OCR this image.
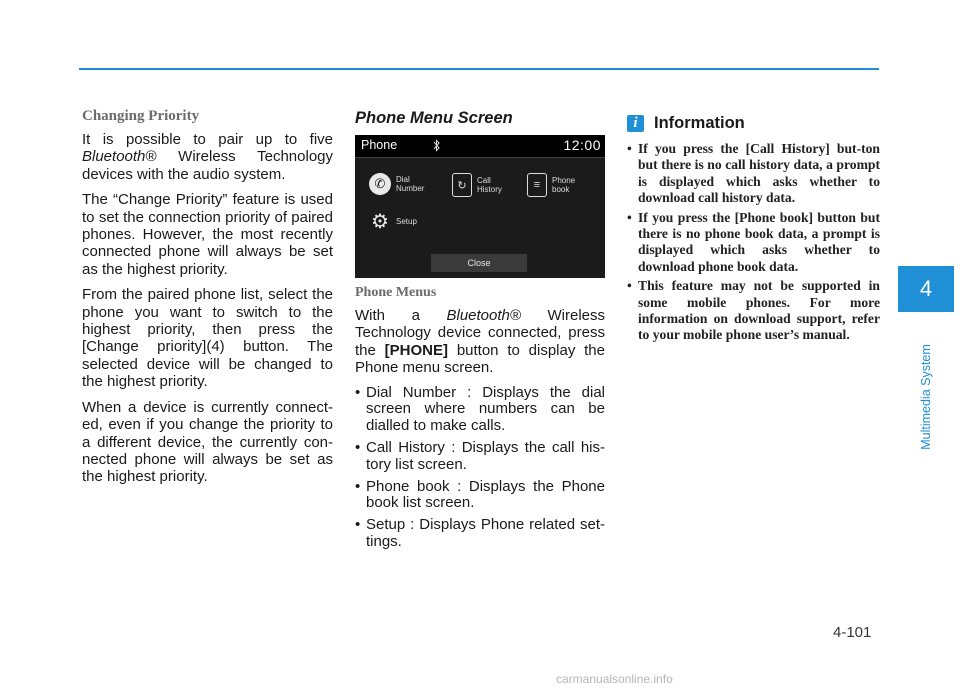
Changing Priority

It is possible to pair up to five Bluetooth® Wireless Technology devices with the audio system.

The “Change Priority” feature is used to set the connection priority of paired phones. However, the most recently connected phone will always be set as the highest priority.

From the paired phone list, select the phone you want to switch to the highest priority, then press the [Change priority](4) button. The selected device will be changed to the highest priority.

When a device is currently connect-ed, even if you change the priority to a different device, the currently con-nected phone will always be set as the highest priority.

Phone Menu Screen
Phone	12:00
✆	Dial Number	↻	Call History	≡	Phone book
⚙ Setup
Close
Phone Menus

With a Bluetooth® Wireless Technology device connected, press the [PHONE] button to display the Phone menu screen.

• Dial Number : Displays the dial screen where numbers can be dialled to make calls.
• Call History : Displays the call his-tory list screen.
• Phone book : Displays the Phone book list screen.
• Setup : Displays Phone related set-tings.
i Information
• If you press the [Call History] but-ton but there is no call history data, a prompt is displayed which asks whether to download call history data.
• If you press the [Phone book] button but there is no phone book data, a prompt is displayed which asks whether to download phone book data.
• This feature may not be supported in some mobile phones. For more information on download support, refer to your mobile phone user’s manual.
4
Multimedia System
4-101
carmanualsonline.info
